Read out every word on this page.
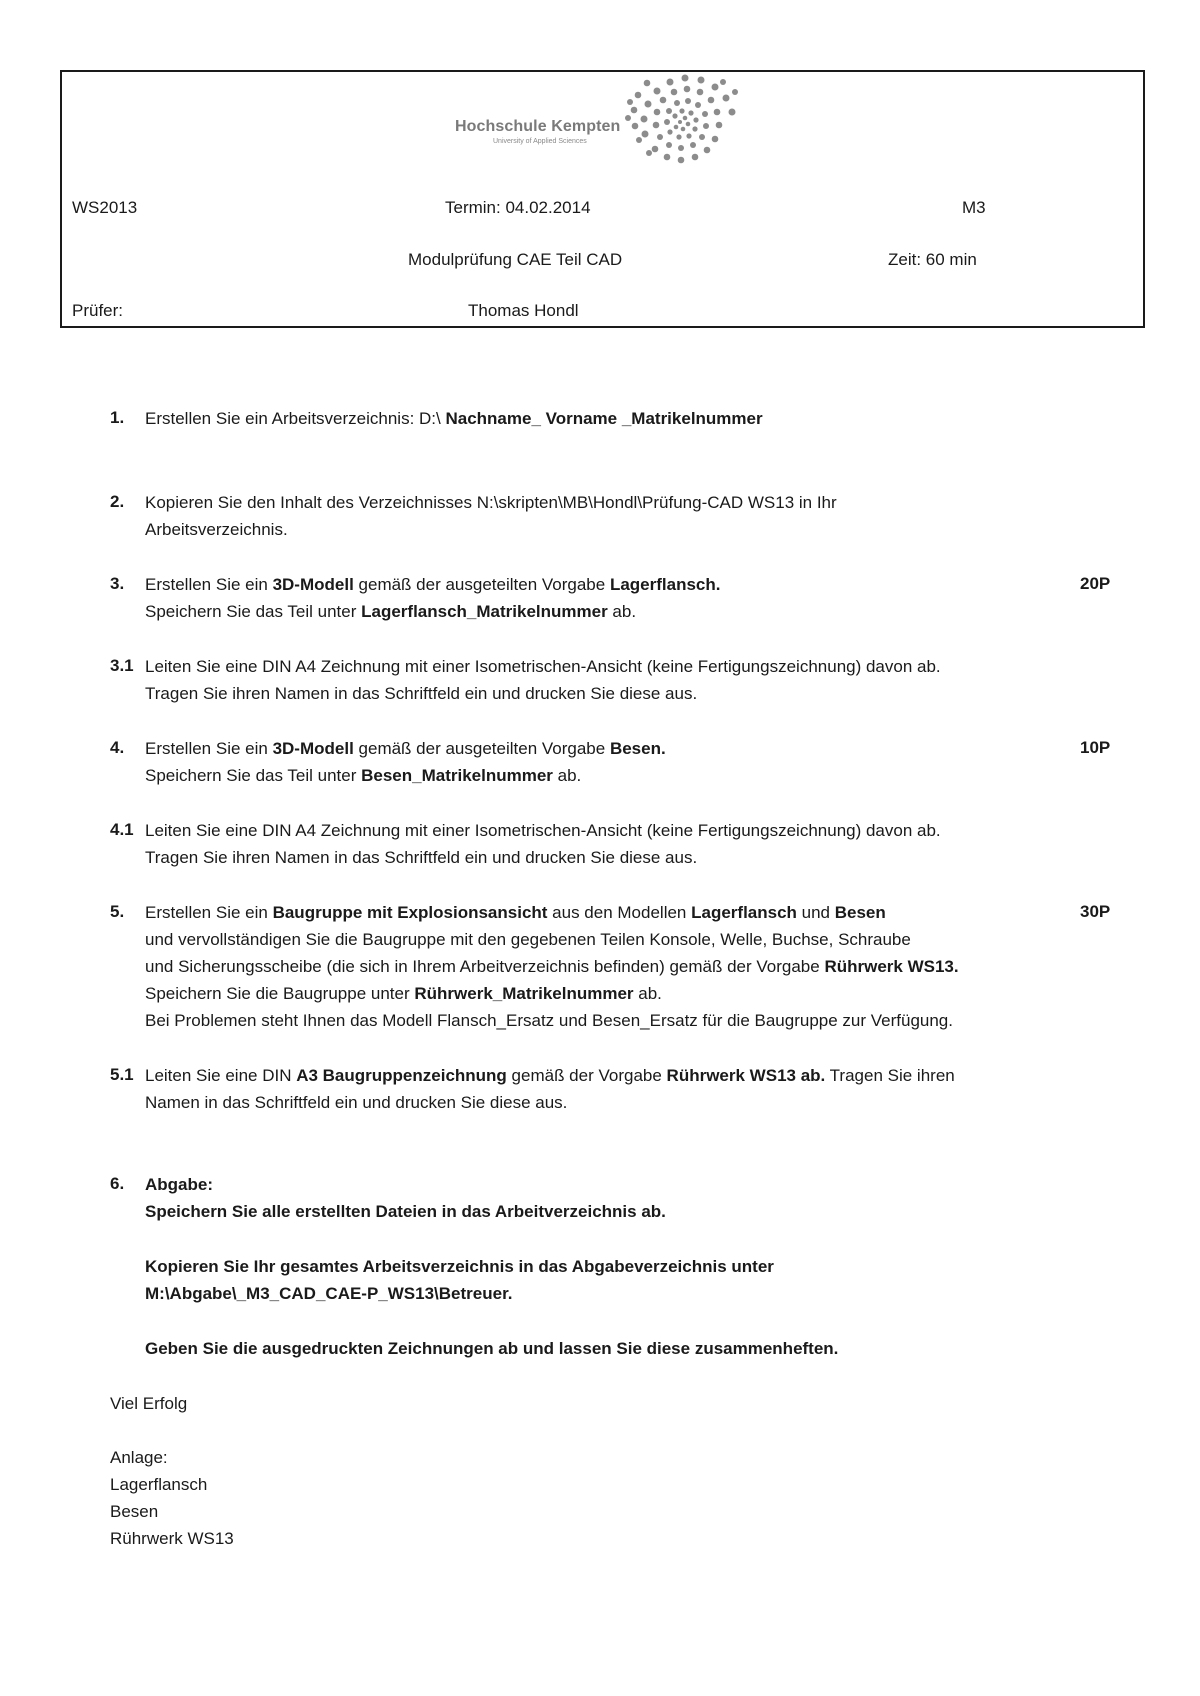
Hochschule Kempten
University of Applied Sciences
WS2013	Termin: 04.02.2014	M3
Modulprüfung CAE Teil CAD	Zeit: 60 min
Prüfer:	Thomas Hondl
1. Erstellen Sie ein Arbeitsverzeichnis: D:\ Nachname_ Vorname _Matrikelnummer
2. Kopieren Sie den Inhalt des Verzeichnisses N:\skripten\MB\Hondl\Prüfung-CAD WS13 in Ihr
Arbeitsverzeichnis.
3. Erstellen Sie ein 3D-Modell gemäß der ausgeteilten Vorgabe Lagerflansch.	20P
Speichern Sie das Teil unter Lagerflansch_Matrikelnummer ab.
3.1 Leiten Sie eine DIN A4 Zeichnung mit einer Isometrischen-Ansicht (keine Fertigungszeichnung) davon ab.
Tragen Sie ihren Namen in das Schriftfeld ein und drucken Sie diese aus.
4. Erstellen Sie ein 3D-Modell gemäß der ausgeteilten Vorgabe Besen.	10P
Speichern Sie das Teil unter Besen_Matrikelnummer ab.
4.1 Leiten Sie eine DIN A4 Zeichnung mit einer Isometrischen-Ansicht (keine Fertigungszeichnung) davon ab.
Tragen Sie ihren Namen in das Schriftfeld ein und drucken Sie diese aus.
5. Erstellen Sie ein Baugruppe mit Explosionsansicht aus den Modellen Lagerflansch und Besen	30P
und vervollständigen Sie die Baugruppe mit den gegebenen Teilen Konsole, Welle, Buchse, Schraube
und Sicherungsscheibe (die sich in Ihrem Arbeitverzeichnis befinden) gemäß der Vorgabe Rührwerk WS13.
Speichern Sie die Baugruppe unter Rührwerk_Matrikelnummer ab.
Bei Problemen steht Ihnen das Modell Flansch_Ersatz und Besen_Ersatz für die Baugruppe zur Verfügung.
5.1 Leiten Sie eine DIN A3 Baugruppenzeichnung gemäß der Vorgabe Rührwerk WS13 ab. Tragen Sie ihren
Namen in das Schriftfeld ein und drucken Sie diese aus.
6. Abgabe:
Speichern Sie alle erstellten Dateien in das Arbeitverzeichnis ab.
Kopieren Sie Ihr gesamtes Arbeitsverzeichnis in das Abgabeverzeichnis unter
M:\Abgabe\_M3_CAD_CAE-P_WS13\Betreuer.
Geben Sie die ausgedruckten Zeichnungen ab und lassen Sie diese zusammenheften.
Viel Erfolg
Anlage:
Lagerflansch
Besen
Rührwerk WS13
